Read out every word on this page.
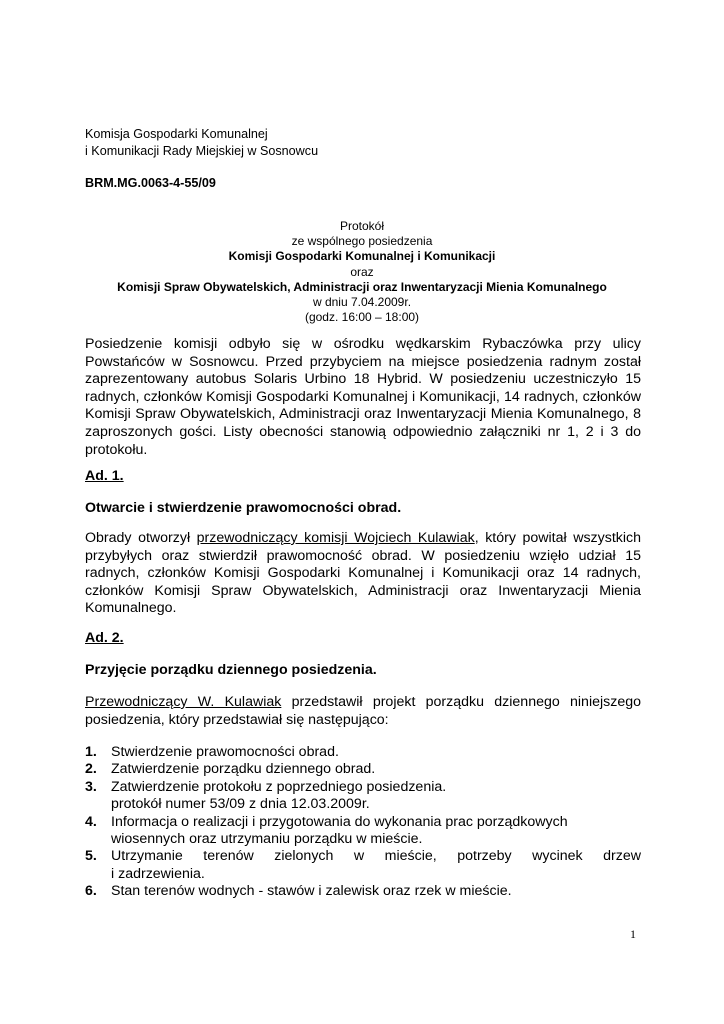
Komisja Gospodarki Komunalnej
i Komunikacji Rady Miejskiej w Sosnowcu
BRM.MG.0063-4-55/09
Protokół
ze wspólnego posiedzenia
Komisji Gospodarki Komunalnej i Komunikacji
oraz
Komisji Spraw Obywatelskich, Administracji oraz Inwentaryzacji Mienia Komunalnego
w dniu 7.04.2009r.
(godz. 16:00 – 18:00)
Posiedzenie komisji odbyło się w ośrodku wędkarskim Rybaczówka przy ulicy Powstańców w Sosnowcu. Przed przybyciem na miejsce posiedzenia radnym został zaprezentowany autobus Solaris Urbino 18 Hybrid. W posiedzeniu uczestniczyło 15 radnych, członków Komisji Gospodarki Komunalnej i Komunikacji, 14 radnych, członków Komisji Spraw Obywatelskich, Administracji oraz Inwentaryzacji Mienia Komunalnego, 8 zaproszonych gości. Listy obecności stanowią odpowiednio załączniki nr 1, 2 i 3 do protokołu.
Ad. 1.
Otwarcie i stwierdzenie prawomocności obrad.
Obrady otworzył przewodniczący komisji Wojciech Kulawiak, który powitał wszystkich przybyłych oraz stwierdził prawomocność obrad. W posiedzeniu wzięło udział 15 radnych, członków Komisji Gospodarki Komunalnej i Komunikacji oraz 14 radnych, członków Komisji Spraw Obywatelskich, Administracji oraz Inwentaryzacji Mienia Komunalnego.
Ad. 2.
Przyjęcie porządku dziennego posiedzenia.
Przewodniczący W. Kulawiak przedstawił projekt porządku dziennego niniejszego posiedzenia, który przedstawiał się następująco:
1. Stwierdzenie prawomocności obrad.
2. Zatwierdzenie porządku dziennego obrad.
3. Zatwierdzenie protokołu z poprzedniego posiedzenia.
protokół numer 53/09 z dnia 12.03.2009r.
4. Informacja o realizacji i przygotowania do wykonania prac porządkowych
wiosennych oraz utrzymaniu porządku w mieście.
5. Utrzymanie terenów zielonych w mieście, potrzeby wycinek drzew
i zadrzewienia.
6. Stan terenów wodnych - stawów i zalewisk oraz rzek w mieście.
1
